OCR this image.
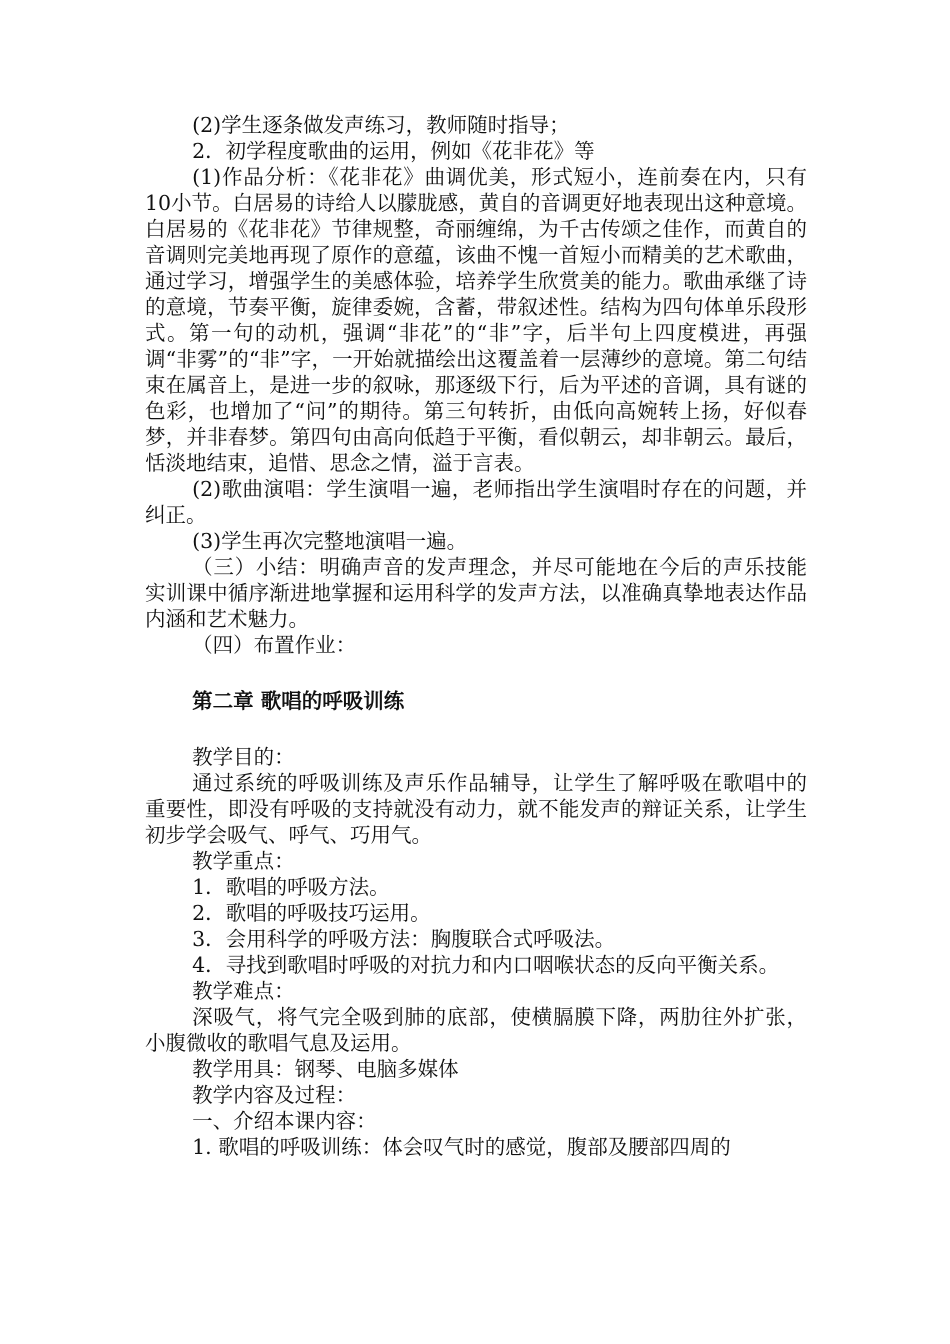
(2)学生逐条做发声练习，教师随时指导；

2．初学程度歌曲的运用，例如《花非花》等

(1)作品分析：《花非花》曲调优美，形式短小，连前奏在内，只有10小节。白居易的诗给人以朦胧感，黄自的音调更好地表现出这种意境。白居易的《花非花》节律规整，奇丽缠绵，为千古传颂之佳作，而黄自的音调则完美地再现了原作的意蕴，该曲不愧一首短小而精美的艺术歌曲，通过学习，增强学生的美感体验，培养学生欣赏美的能力。歌曲承继了诗的意境，节奏平衡，旋律委婉，含蓄，带叙述性。结构为四句体单乐段形式。第一句的动机，强调“非花”的“非”字，后半句上四度模进，再强调“非雾”的“非”字，一开始就描绘出这覆盖着一层薄纱的意境。第二句结束在属音上，是进一步的叙咏，那逐级下行，后为平述的音调，具有谜的色彩，也增加了“问”的期待。第三句转折，由低向高婉转上扬，好似春梦，并非春梦。第四句由高向低趋于平衡，看似朝云，却非朝云。最后，恬淡地结束，追惜、思念之情，溢于言表。

(2)歌曲演唱：学生演唱一遍，老师指出学生演唱时存在的问题，并纠正。

(3)学生再次完整地演唱一遍。

（三）小结：明确声音的发声理念，并尽可能地在今后的声乐技能实训课中循序渐进地掌握和运用科学的发声方法，以准确真挚地表达作品内涵和艺术魅力。

（四）布置作业：

第二章 歌唱的呼吸训练

教学目的：

通过系统的呼吸训练及声乐作品辅导，让学生了解呼吸在歌唱中的重要性，即没有呼吸的支持就没有动力，就不能发声的辩证关系，让学生初步学会吸气、呼气、巧用气。

教学重点：

1．歌唱的呼吸方法。

2．歌唱的呼吸技巧运用。

3．会用科学的呼吸方法：胸腹联合式呼吸法。

4．寻找到歌唱时呼吸的对抗力和内口咽喉状态的反向平衡关系。

教学难点：

深吸气，将气完全吸到肺的底部，使横膈膜下降，两肋往外扩张，小腹微收的歌唱气息及运用。

教学用具：钢琴、电脑多媒体

教学内容及过程：

一、介绍本课内容：

1. 歌唱的呼吸训练：体会叹气时的感觉，腹部及腰部四周的
